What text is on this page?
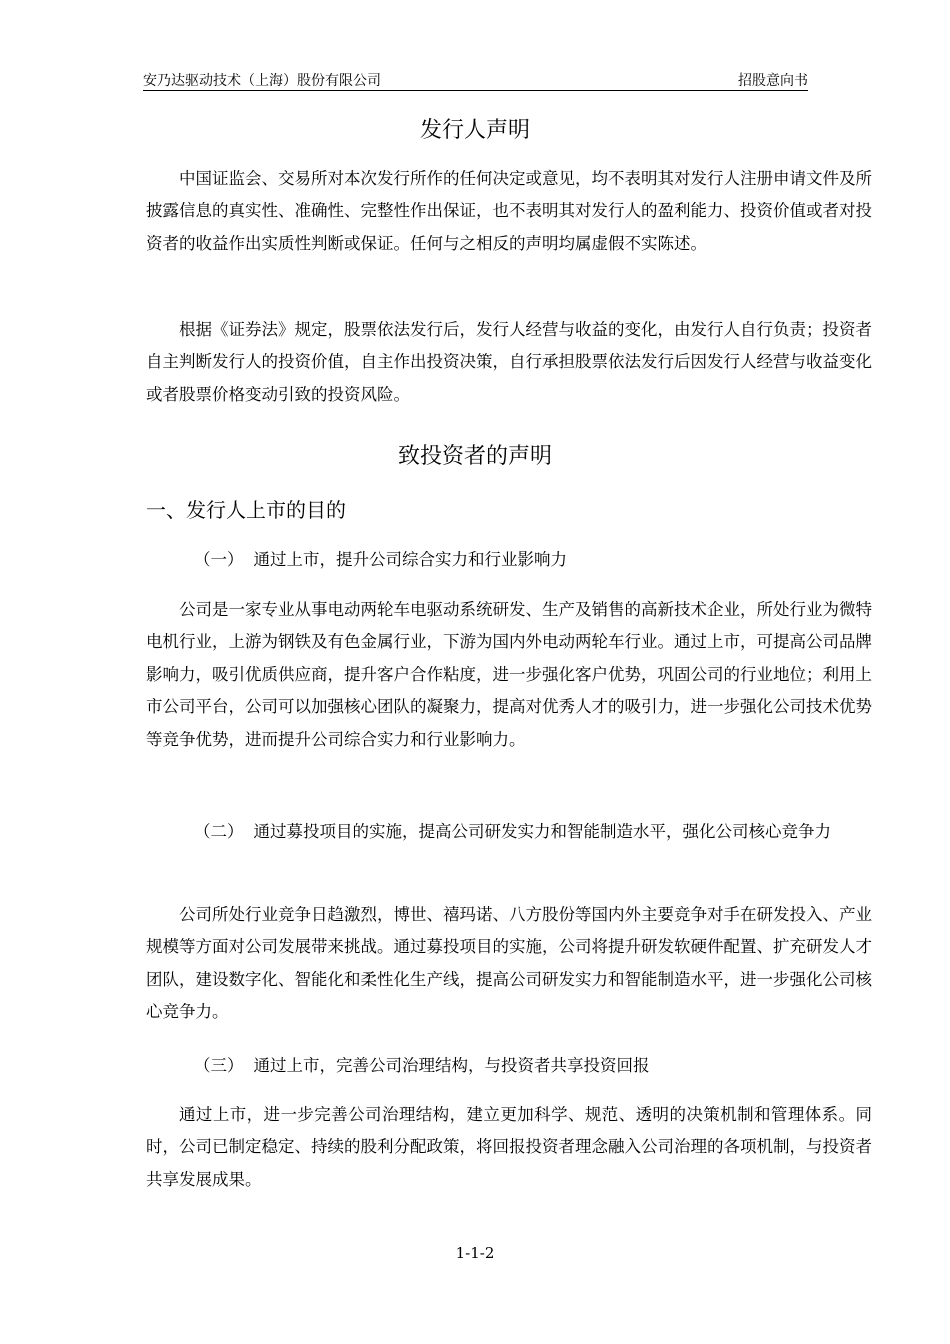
安乃达驱动技术（上海）股份有限公司	招股意向书
发行人声明
中国证监会、交易所对本次发行所作的任何决定或意见，均不表明其对发行人注册申请文件及所披露信息的真实性、准确性、完整性作出保证，也不表明其对发行人的盈利能力、投资价值或者对投资者的收益作出实质性判断或保证。任何与之相反的声明均属虚假不实陈述。
根据《证券法》规定，股票依法发行后，发行人经营与收益的变化，由发行人自行负责；投资者自主判断发行人的投资价值，自主作出投资决策，自行承担股票依法发行后因发行人经营与收益变化或者股票价格变动引致的投资风险。
致投资者的声明
一、发行人上市的目的
（一） 通过上市，提升公司综合实力和行业影响力
公司是一家专业从事电动两轮车电驱动系统研发、生产及销售的高新技术企业，所处行业为微特电机行业，上游为钢铁及有色金属行业，下游为国内外电动两轮车行业。通过上市，可提高公司品牌影响力，吸引优质供应商，提升客户合作粘度，进一步强化客户优势，巩固公司的行业地位；利用上市公司平台，公司可以加强核心团队的凝聚力，提高对优秀人才的吸引力，进一步强化公司技术优势等竞争优势，进而提升公司综合实力和行业影响力。
（二） 通过募投项目的实施，提高公司研发实力和智能制造水平，强化公司核心竞争力
公司所处行业竞争日趋激烈，博世、禧玛诺、八方股份等国内外主要竞争对手在研发投入、产业规模等方面对公司发展带来挑战。通过募投项目的实施，公司将提升研发软硬件配置、扩充研发人才团队，建设数字化、智能化和柔性化生产线，提高公司研发实力和智能制造水平，进一步强化公司核心竞争力。
（三） 通过上市，完善公司治理结构，与投资者共享投资回报
通过上市，进一步完善公司治理结构，建立更加科学、规范、透明的决策机制和管理体系。同时，公司已制定稳定、持续的股利分配政策，将回报投资者理念融入公司治理的各项机制，与投资者共享发展成果。
1-1-2
